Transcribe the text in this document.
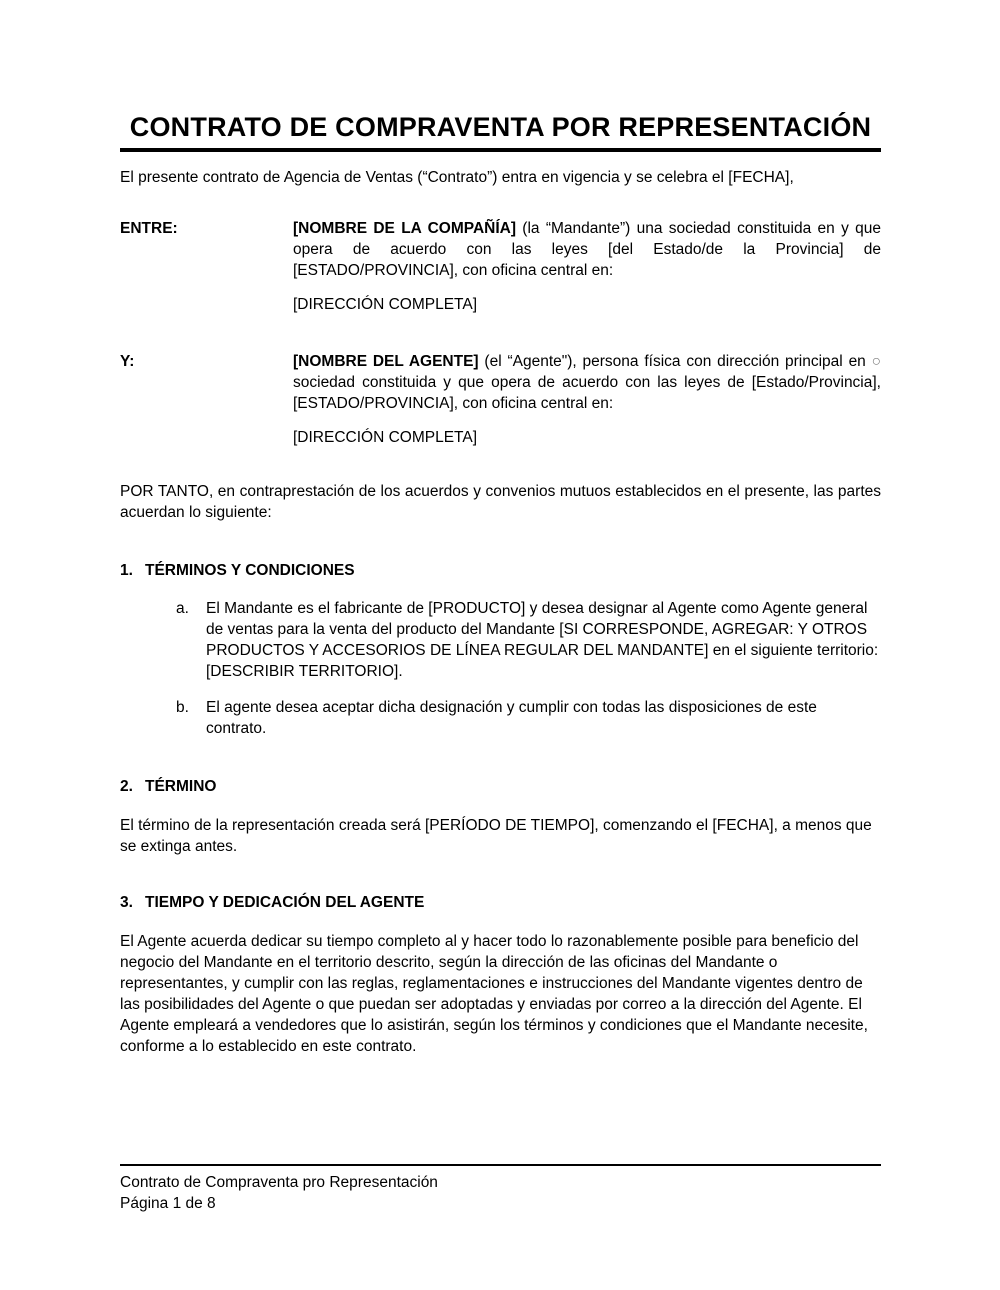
CONTRATO DE COMPRAVENTA POR REPRESENTACIÓN

El presente contrato de Agencia de Ventas (“Contrato”) entra en vigencia y se celebra el [FECHA],

ENTRE:	[NOMBRE DE LA COMPAÑÍA] (la “Mandante”) una sociedad constituida en y que opera de acuerdo con las leyes [del Estado/de la Provincia] de [ESTADO/PROVINCIA], con oficina central en:
[DIRECCIÓN COMPLETA]
Y:	[NOMBRE DEL AGENTE] (el “Agente"), persona física con dirección principal en ○ sociedad constituida y que opera de acuerdo con las leyes de [Estado/Provincia], [ESTADO/PROVINCIA], con oficina central en:
[DIRECCIÓN COMPLETA]

POR TANTO, en contraprestación de los acuerdos y convenios mutuos establecidos en el presente, las partes acuerdan lo siguiente:

1. TÉRMINOS Y CONDICIONES
a.	El Mandante es el fabricante de [PRODUCTO] y desea designar al Agente como Agente general de ventas para la venta del producto del Mandante [SI CORRESPONDE, AGREGAR: Y OTROS PRODUCTOS Y ACCESORIOS DE LÍNEA REGULAR DEL MANDANTE] en el siguiente territorio: [DESCRIBIR TERRITORIO].
b.	El agente desea aceptar dicha designación y cumplir con todas las disposiciones de este contrato.
2. TÉRMINO

El término de la representación creada será [PERÍODO DE TIEMPO], comenzando el [FECHA], a menos que se extinga antes.

3. TIEMPO Y DEDICACIÓN DEL AGENTE

El Agente acuerda dedicar su tiempo completo al y hacer todo lo razonablemente posible para beneficio del negocio del Mandante en el territorio descrito, según la dirección de las oficinas del Mandante o representantes, y cumplir con las reglas, reglamentaciones e instrucciones del Mandante vigentes dentro de las posibilidades del Agente o que puedan ser adoptadas y enviadas por correo a la dirección del Agente. El Agente empleará a vendedores que lo asistirán, según los términos y condiciones que el Mandante necesite, conforme a lo establecido en este contrato.

Contrato de Compraventa pro Representación
Página 1 de 8
